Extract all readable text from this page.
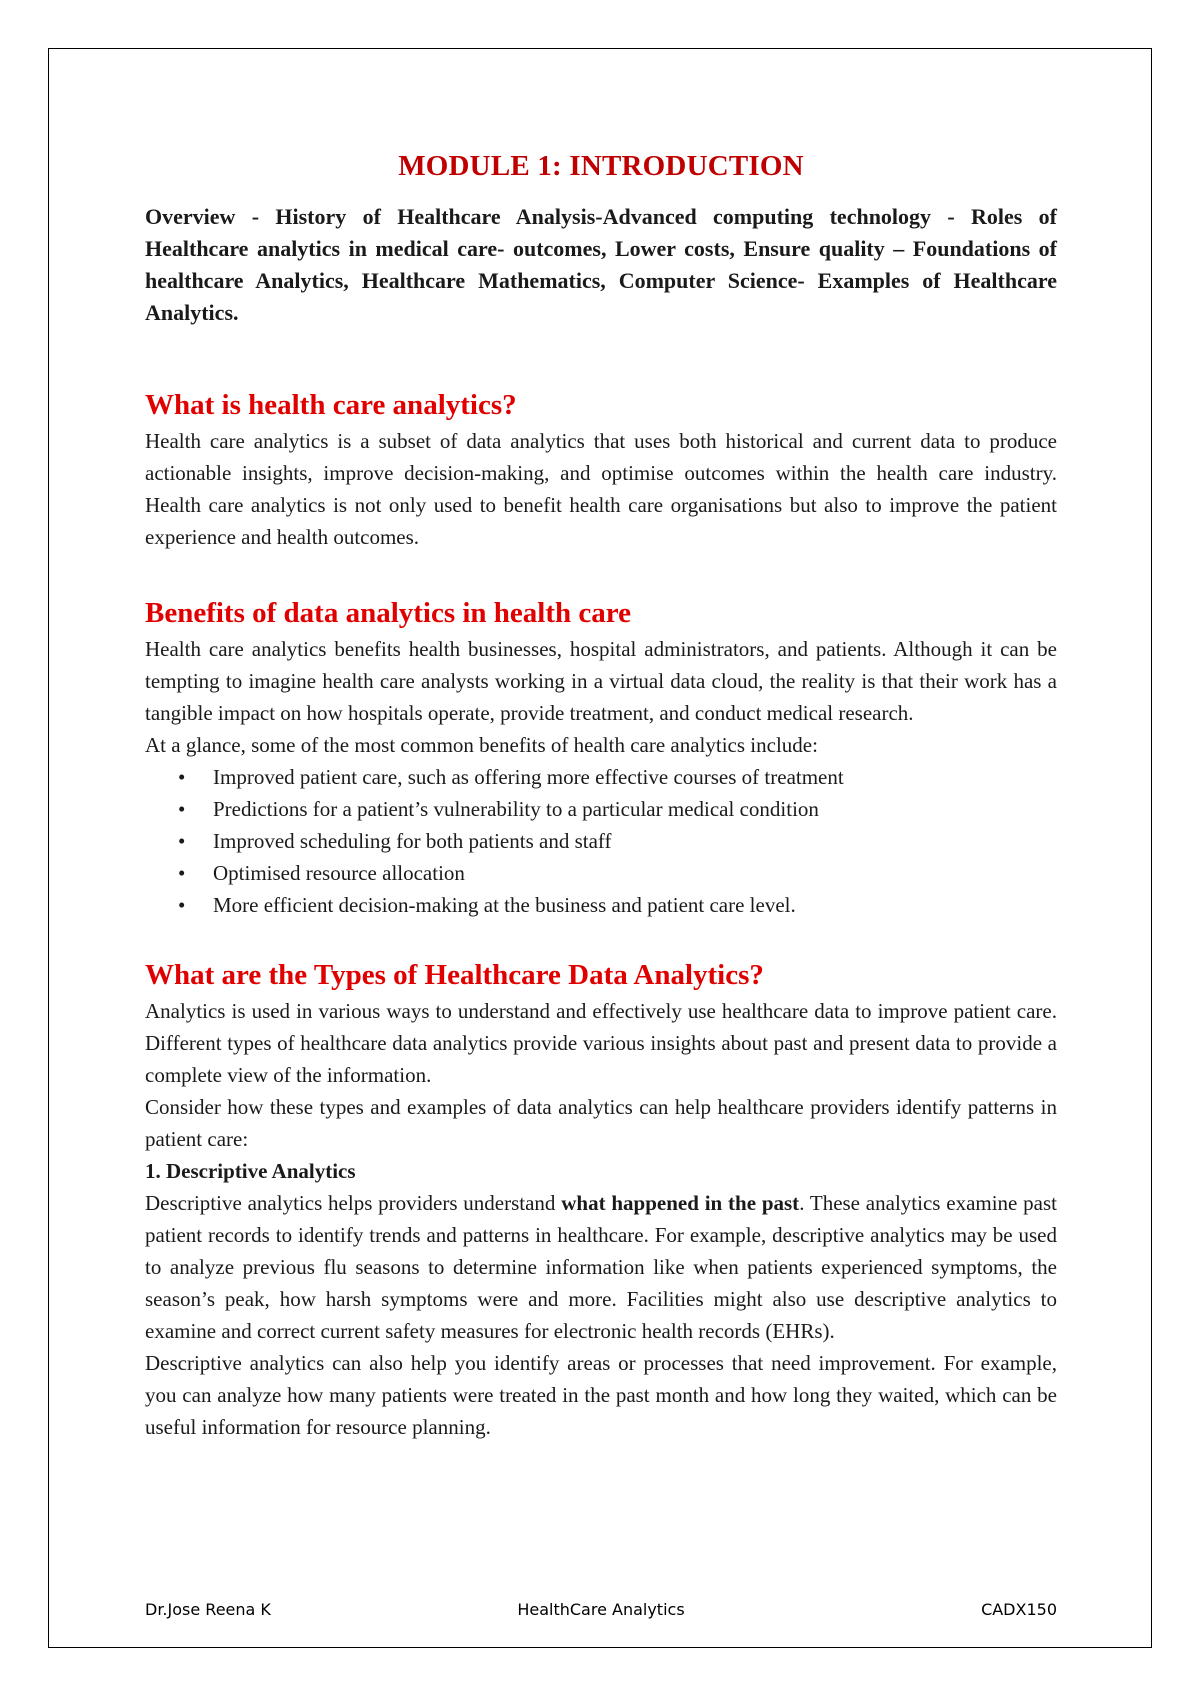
MODULE 1: INTRODUCTION

Overview - History of Healthcare Analysis-Advanced computing technology - Roles of Healthcare analytics in medical care- outcomes, Lower costs, Ensure quality – Foundations of healthcare Analytics, Healthcare Mathematics, Computer Science- Examples of Healthcare Analytics.

What is health care analytics?

Health care analytics is a subset of data analytics that uses both historical and current data to produce actionable insights, improve decision-making, and optimise outcomes within the health care industry. Health care analytics is not only used to benefit health care organisations but also to improve the patient experience and health outcomes.

Benefits of data analytics in health care

Health care analytics benefits health businesses, hospital administrators, and patients. Although it can be tempting to imagine health care analysts working in a virtual data cloud, the reality is that their work has a tangible impact on how hospitals operate, provide treatment, and conduct medical research.

At a glance, some of the most common benefits of health care analytics include:

• Improved patient care, such as offering more effective courses of treatment
• Predictions for a patient’s vulnerability to a particular medical condition
• Improved scheduling for both patients and staff
• Optimised resource allocation
• More efficient decision-making at the business and patient care level.
What are the Types of Healthcare Data Analytics?

Analytics is used in various ways to understand and effectively use healthcare data to improve patient care. Different types of healthcare data analytics provide various insights about past and present data to provide a complete view of the information.

Consider how these types and examples of data analytics can help healthcare providers identify patterns in patient care:

1. Descriptive Analytics

Descriptive analytics helps providers understand what happened in the past. These analytics examine past patient records to identify trends and patterns in healthcare. For example, descriptive analytics may be used to analyze previous flu seasons to determine information like when patients experienced symptoms, the season’s peak, how harsh symptoms were and more. Facilities might also use descriptive analytics to examine and correct current safety measures for electronic health records (EHRs).

Descriptive analytics can also help you identify areas or processes that need improvement. For example, you can analyze how many patients were treated in the past month and how long they waited, which can be useful information for resource planning.

Dr.Jose Reena K	HealthCare Analytics	CADX150
